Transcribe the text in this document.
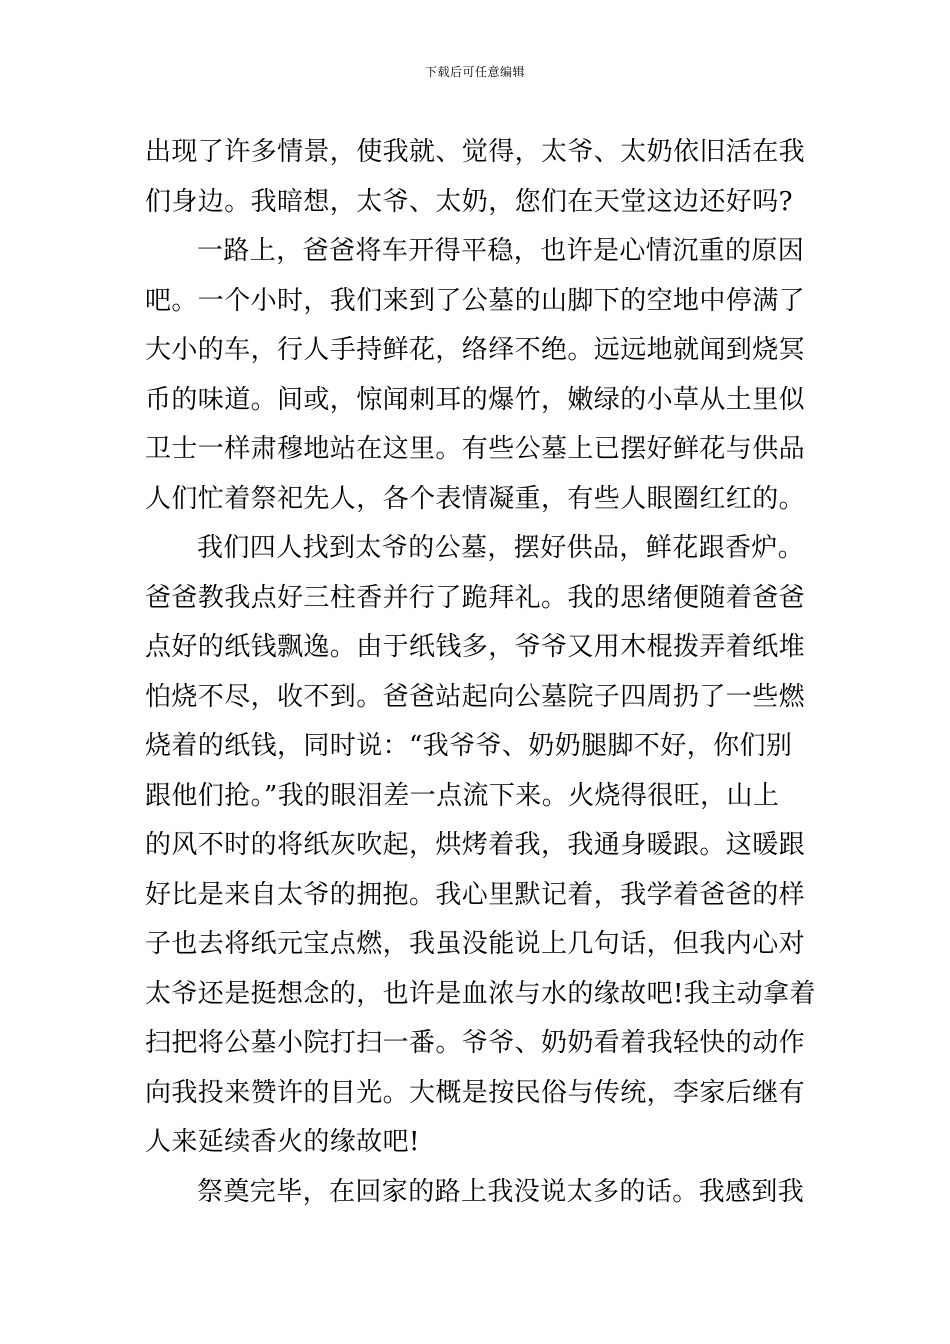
下载后可任意编辑
出现了许多情景，使我就、觉得，太爷、太奶依旧活在我
们身边。我暗想，太爷、太奶，您们在天堂这边还好吗?
一路上，爸爸将车开得平稳，也许是心情沉重的原因
吧。一个小时，我们来到了公墓的山脚下的空地中停满了
大小的车，行人手持鲜花，络绎不绝。远远地就闻到烧冥
币的味道。间或，惊闻刺耳的爆竹，嫩绿的小草从土里似
卫士一样肃穆地站在这里。有些公墓上已摆好鲜花与供品
人们忙着祭祀先人，各个表情凝重，有些人眼圈红红的。
我们四人找到太爷的公墓，摆好供品，鲜花跟香炉。
爸爸教我点好三柱香并行了跪拜礼。我的思绪便随着爸爸
点好的纸钱飘逸。由于纸钱多，爷爷又用木棍拨弄着纸堆
怕烧不尽，收不到。爸爸站起向公墓院子四周扔了一些燃
烧着的纸钱，同时说：“我爷爷、奶奶腿脚不好，你们别
跟他们抢。”我的眼泪差一点流下来。火烧得很旺，山上
的风不时的将纸灰吹起，烘烤着我，我通身暖跟。这暖跟
好比是来自太爷的拥抱。我心里默记着，我学着爸爸的样
子也去将纸元宝点燃，我虽没能说上几句话，但我内心对
太爷还是挺想念的，也许是血浓与水的缘故吧!我主动拿着
扫把将公墓小院打扫一番。爷爷、奶奶看着我轻快的动作
向我投来赞许的目光。大概是按民俗与传统，李家后继有
人来延续香火的缘故吧!
祭奠完毕，在回家的路上我没说太多的话。我感到我
